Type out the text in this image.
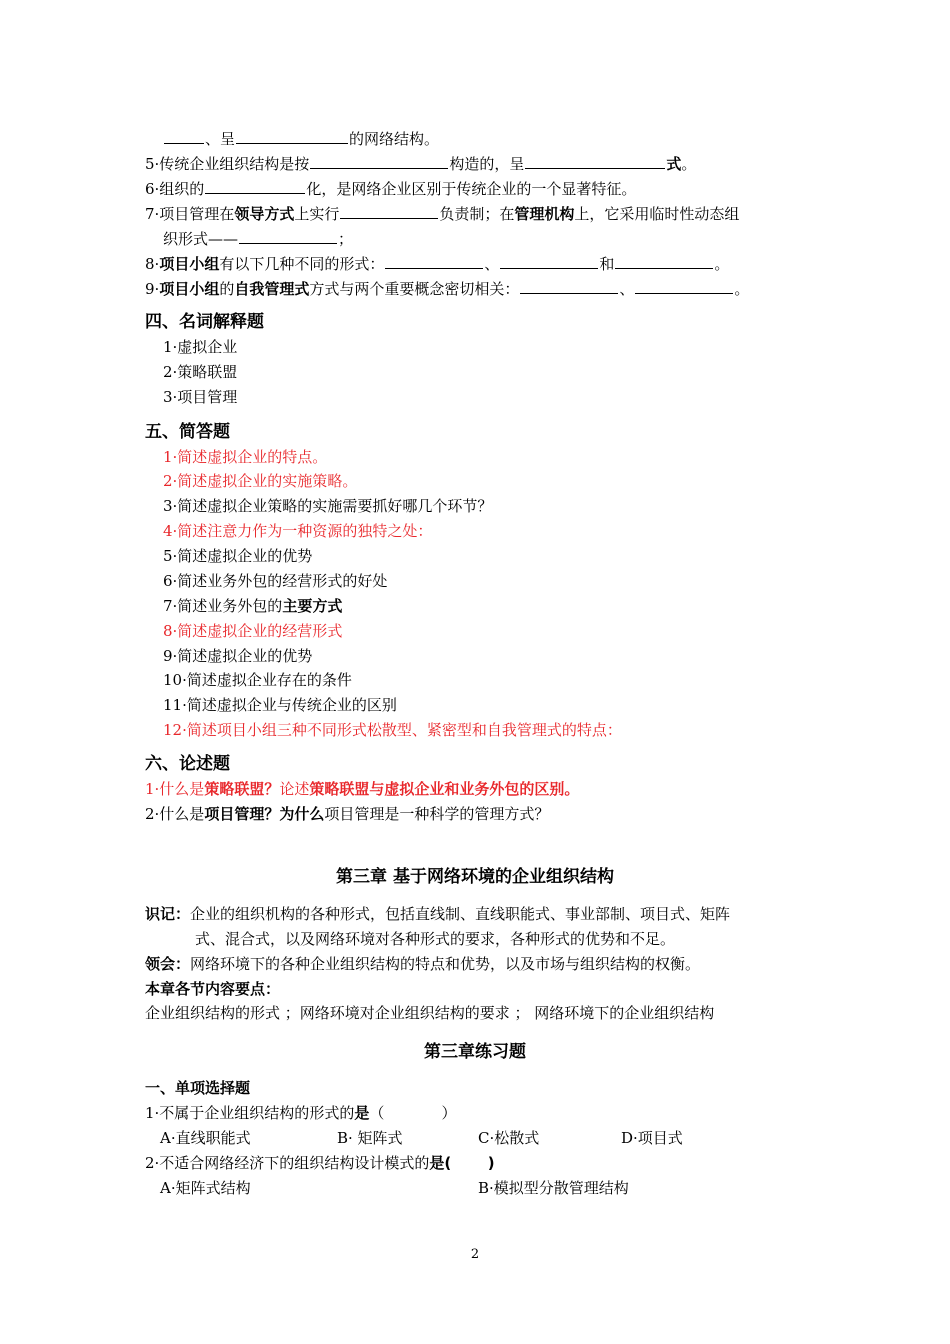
、呈	的网络结构。
5·传统企业组织结构是按	构造的，呈	式。
6·组织的	化，是网络企业区别于传统企业的一个显著特征。
7·项目管理在领导方式上实行	负责制；在管理机构上，它采用临时性动态组
织形式——	；
8·项目小组有以下几种不同的形式：	、	和	。
9·项目小组的自我管理式方式与两个重要概念密切相关：	、	。
四、名词解释题
1·虚拟企业
2·策略联盟
3·项目管理
五、简答题
1·简述虚拟企业的特点。
2·简述虚拟企业的实施策略。
3·简述虚拟企业策略的实施需要抓好哪几个环节？
4·简述注意力作为一种资源的独特之处：
5·简述虚拟企业的优势
6·简述业务外包的经营形式的好处
7·简述业务外包的主要方式
8·简述虚拟企业的经营形式
9·简述虚拟企业的优势
10·简述虚拟企业存在的条件
11·简述虚拟企业与传统企业的区别
12·简述项目小组三种不同形式松散型、紧密型和自我管理式的特点：
六、论述题
1·什么是策略联盟？论述策略联盟与虚拟企业和业务外包的区别。
2·什么是项目管理？为什么项目管理是一种科学的管理方式？
第三章 基于网络环境的企业组织结构
识记：企业的组织机构的各种形式，包括直线制、直线职能式、事业部制、项目式、矩阵
式、混合式，以及网络环境对各种形式的要求，各种形式的优势和不足。
领会：网络环境下的各种企业组织结构的特点和优势，以及市场与组织结构的权衡。
本章各节内容要点：
企业组织结构的形式 ；网络环境对企业组织结构的要求 ； 网络环境下的企业组织结构
第三章练习题
一、单项选择题
1·不属于企业组织结构的形式的是（            ）
A·直线职能式	B· 矩阵式	C·松散式	D·项目式
2·不适合网络经济下的组织结构设计模式的是(       )
A·矩阵式结构	B·模拟型分散管理结构
2
